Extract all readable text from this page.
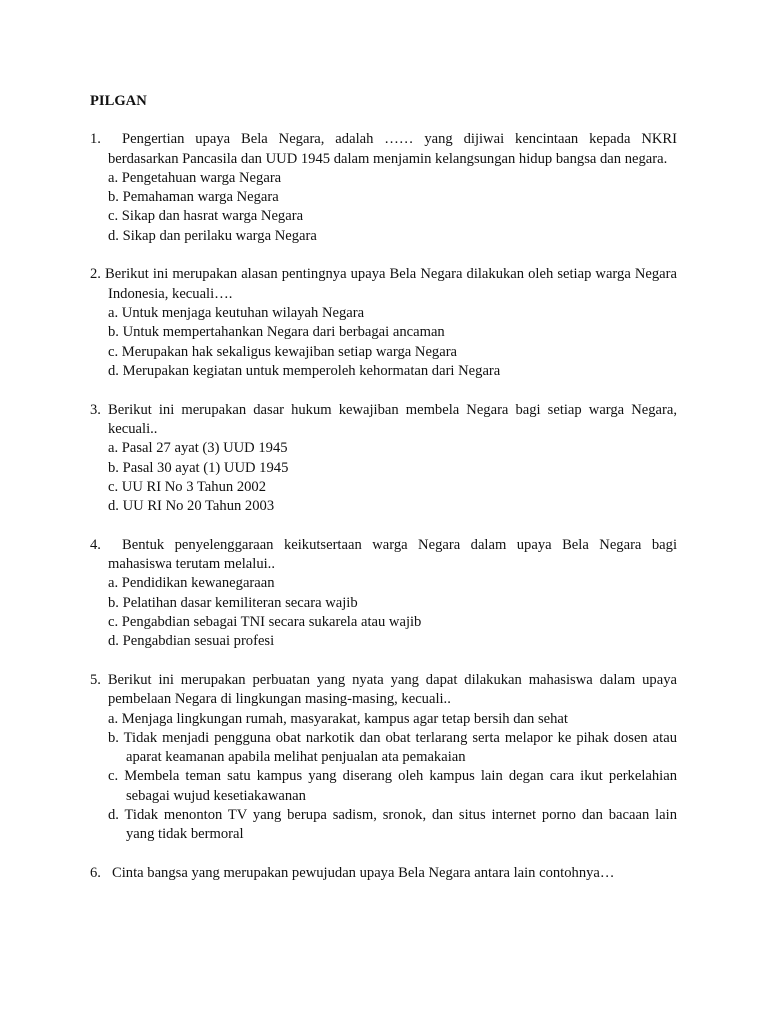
PILGAN
1. Pengertian upaya Bela Negara, adalah …… yang dijiwai kencintaan kepada NKRI berdasarkan Pancasila dan UUD 1945 dalam menjamin kelangsungan hidup bangsa dan negara.
a. Pengetahuan warga Negara
b. Pemahaman warga Negara
c. Sikap dan hasrat warga Negara
d. Sikap dan perilaku warga Negara
2. Berikut ini merupakan alasan pentingnya upaya Bela Negara dilakukan oleh setiap warga Negara Indonesia, kecuali….
a. Untuk menjaga keutuhan wilayah Negara
b. Untuk mempertahankan Negara dari berbagai ancaman
c. Merupakan hak sekaligus kewajiban setiap warga Negara
d. Merupakan kegiatan untuk memperoleh kehormatan dari Negara
3. Berikut ini merupakan dasar hukum kewajiban membela Negara bagi setiap warga Negara, kecuali..
a. Pasal 27 ayat (3) UUD 1945
b. Pasal 30 ayat (1) UUD 1945
c. UU RI No 3 Tahun 2002
d. UU RI No 20 Tahun 2003
4. Bentuk penyelenggaraan keikutsertaan warga Negara dalam upaya Bela Negara bagi mahasiswa terutam melalui..
a. Pendidikan kewanegaraan
b. Pelatihan dasar kemiliteran secara wajib
c. Pengabdian sebagai TNI secara sukarela atau wajib
d. Pengabdian sesuai profesi
5. Berikut ini merupakan perbuatan yang nyata yang dapat dilakukan mahasiswa dalam upaya pembelaan Negara di lingkungan masing-masing, kecuali..
a. Menjaga lingkungan rumah, masyarakat, kampus agar tetap bersih dan sehat
b. Tidak menjadi pengguna obat narkotik dan obat terlarang serta melapor ke pihak dosen atau aparat keamanan apabila melihat penjualan ata pemakaian
c. Membela teman satu kampus yang diserang oleh kampus lain degan cara ikut perkelahian sebagai wujud kesetiakawanan
d. Tidak menonton TV yang berupa sadism, sronok, dan situs internet porno dan bacaan lain yang tidak bermoral
6. Cinta bangsa yang merupakan pewujudan upaya Bela Negara antara lain contohnya…
